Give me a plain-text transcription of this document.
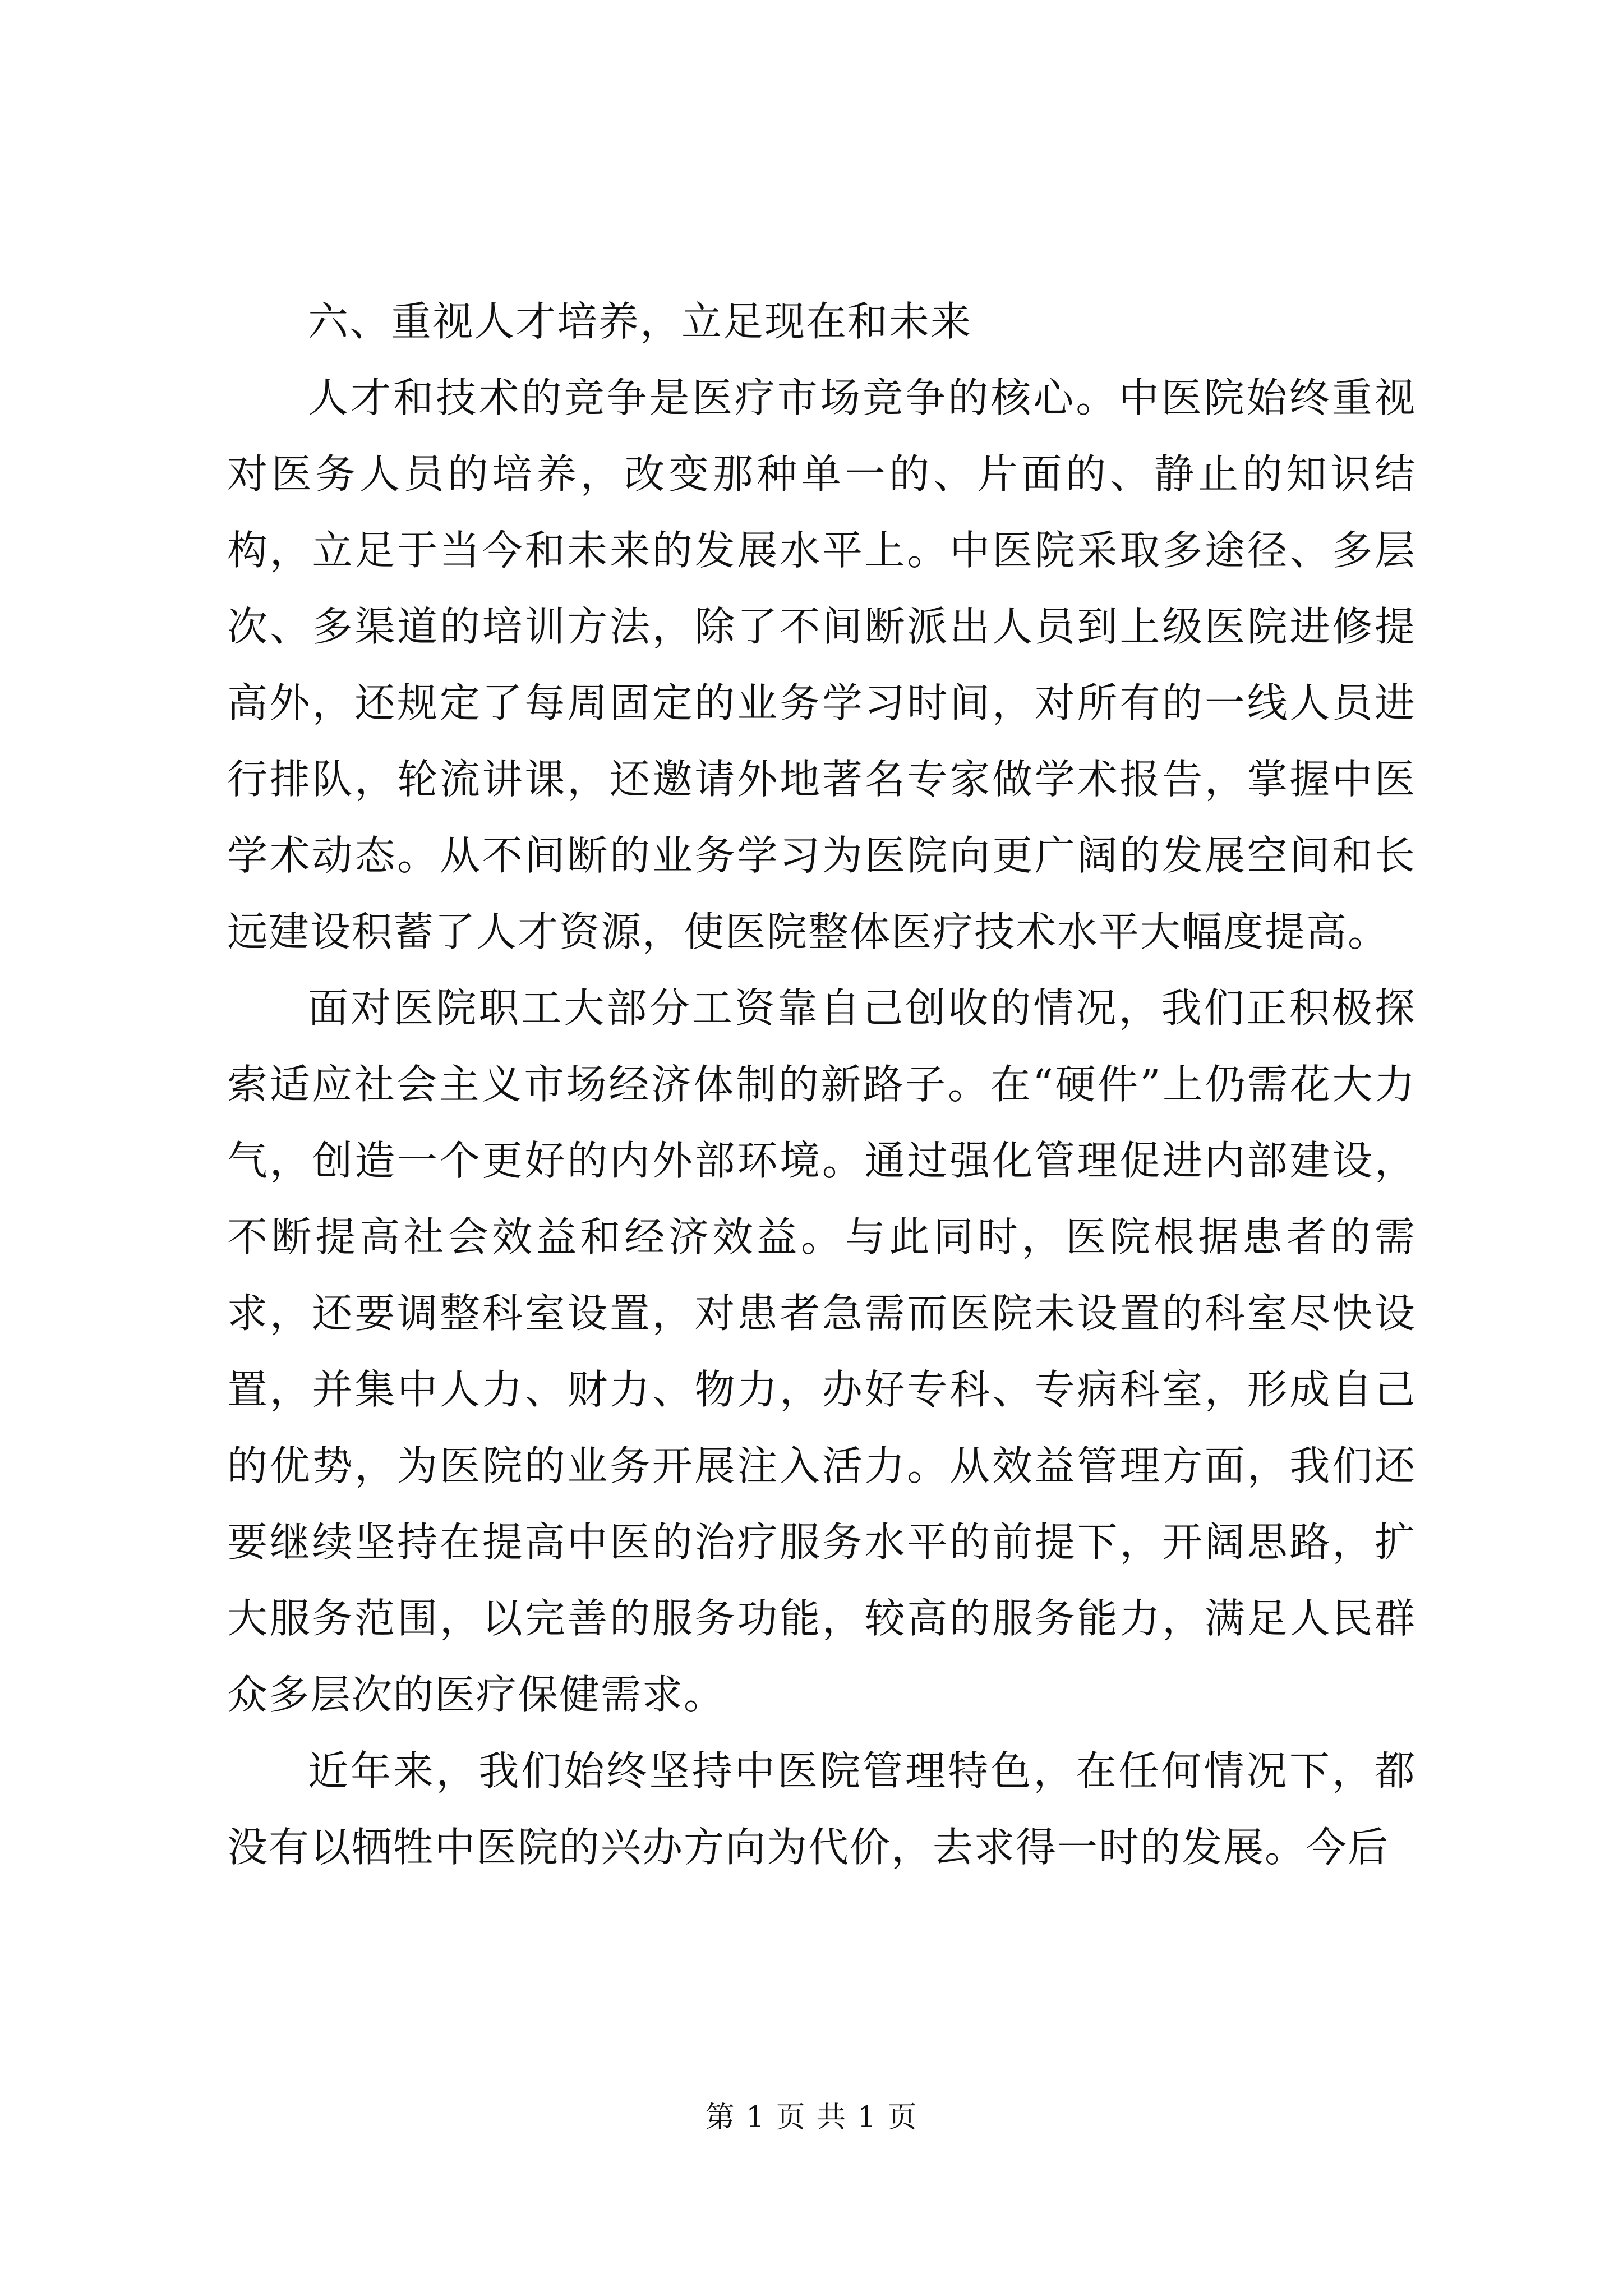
六、重视人才培养，立足现在和未来

人才和技术的竞争是医疗市场竞争的核心。中医院始终重视对医务人员的培养，改变那种单一的、片面的、静止的知识结构，立足于当今和未来的发展水平上。中医院采取多途径、多层次、多渠道的培训方法，除了不间断派出人员到上级医院进修提高外，还规定了每周固定的业务学习时间，对所有的一线人员进行排队，轮流讲课，还邀请外地著名专家做学术报告，掌握中医学术动态。从不间断的业务学习为医院向更广阔的发展空间和长远建设积蓄了人才资源，使医院整体医疗技术水平大幅度提高。

面对医院职工大部分工资靠自己创收的情况，我们正积极探索适应社会主义市场经济体制的新路子。在“硬件”上仍需花大力气，创造一个更好的内外部环境。通过强化管理促进内部建设，不断提高社会效益和经济效益。与此同时，医院根据患者的需求，还要调整科室设置，对患者急需而医院未设置的科室尽快设置，并集中人力、财力、物力，办好专科、专病科室，形成自己的优势，为医院的业务开展注入活力。从效益管理方面，我们还要继续坚持在提高中医的治疗服务水平的前提下，开阔思路，扩大服务范围，以完善的服务功能，较高的服务能力，满足人民群众多层次的医疗保健需求。

近年来，我们始终坚持中医院管理特色，在任何情况下，都没有以牺牲中医院的兴办方向为代价，去求得一时的发展。今后

第 1 页 共 1 页
